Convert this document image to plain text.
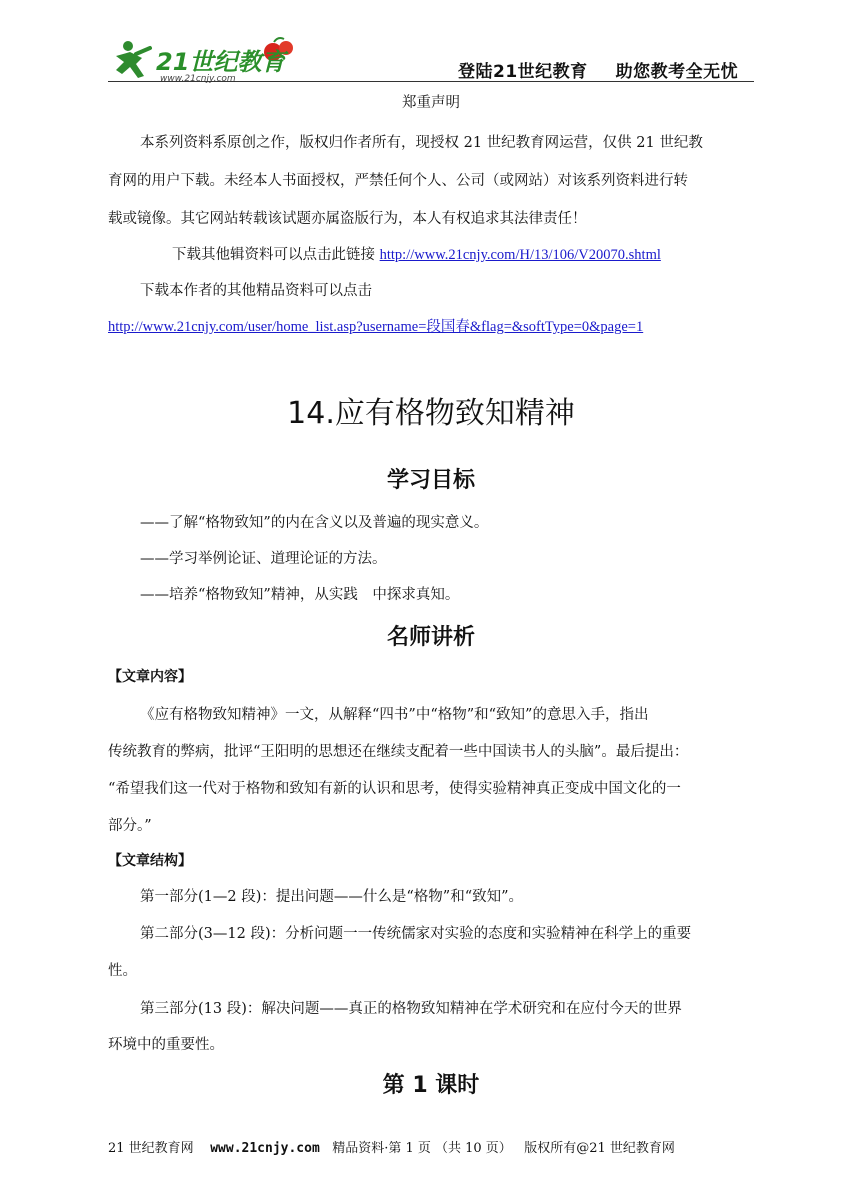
21世纪教育
www.21cnjy.com	登陆21世纪教育 助您教考全无忧
郑重声明
本系列资料系原创之作，版权归作者所有，现授权 21 世纪教育网运营，仅供 21 世纪教
育网的用户下载。未经本人书面授权，严禁任何个人、公司（或网站）对该系列资料进行转
载或镜像。其它网站转载该试题亦属盗版行为，本人有权追求其法律责任！
下载其他辑资料可以点击此链接 http://www.21cnjy.com/H/13/106/V20070.shtml
下载本作者的其他精品资料可以点击
http://www.21cnjy.com/user/home_list.asp?username=段国春&flag=&softType=0&page=1
14.应有格物致知精神
学习目标
——了解“格物致知”的内在含义以及普遍的现实意义。
——学习举例论证、道理论证的方法。
——培养“格物致知”精神，从实践　中探求真知。
名师讲析
【文章内容】
《应有格物致知精神》一文，从解释“四书”中“格物”和“致知”的意思入手，指出
传统教育的弊病，批评“王阳明的思想还在继续支配着一些中国读书人的头脑”。最后提出：
“希望我们这一代对于格物和致知有新的认识和思考，使得实验精神真正变成中国文化的一
部分。”
【文章结构】
第一部分(1—2 段)：提出问题——什么是“格物”和“致知”。
第二部分(3—12 段)：分析问题一一传统儒家对实验的态度和实验精神在科学上的重要
性。
第三部分(13 段)：解决问题——真正的格物致知精神在学术研究和在应付今天的世界
环境中的重要性。
第 1 课时
21 世纪教育网 www.21cnjy.com 精品资料·第 1 页 （共 10 页） 版权所有@21 世纪教育网
